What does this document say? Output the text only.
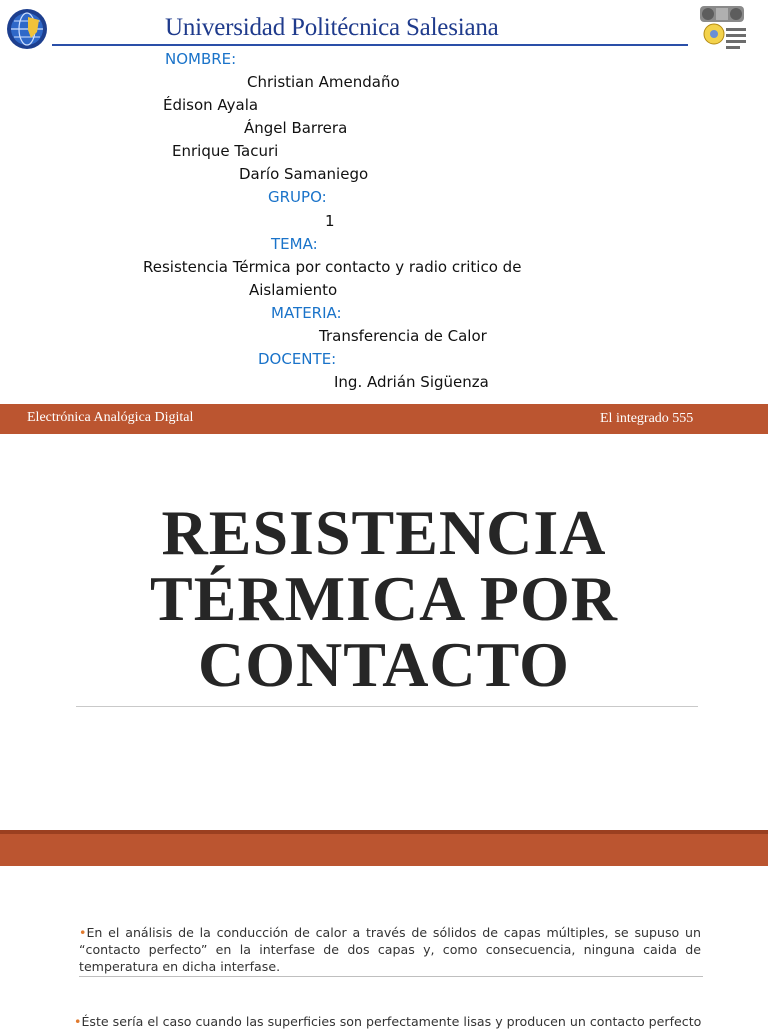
Universidad Politécnica Salesiana
NOMBRE:
Christian Amendaño
Édison Ayala
Ángel Barrera
Enrique Tacuri
Darío Samaniego
GRUPO:
1
TEMA:
Resistencia Térmica por contacto y radio critico de
Aislamiento
MATERIA:
Transferencia de Calor
DOCENTE:
Ing. Adrián Sigüenza
Electrónica Analógica Digital	El integrado 555
RESISTENCIA
TÉRMICA POR
CONTACTO
•En el análisis de la conducción de calor a través de sólidos de capas múltiples, se supuso un “contacto perfecto” en la interfase de dos capas y, como consecuencia, ninguna caida de temperatura en dicha interfase.
•Éste sería el caso cuando las superficies son perfectamente lisas y producen un contacto perfecto
